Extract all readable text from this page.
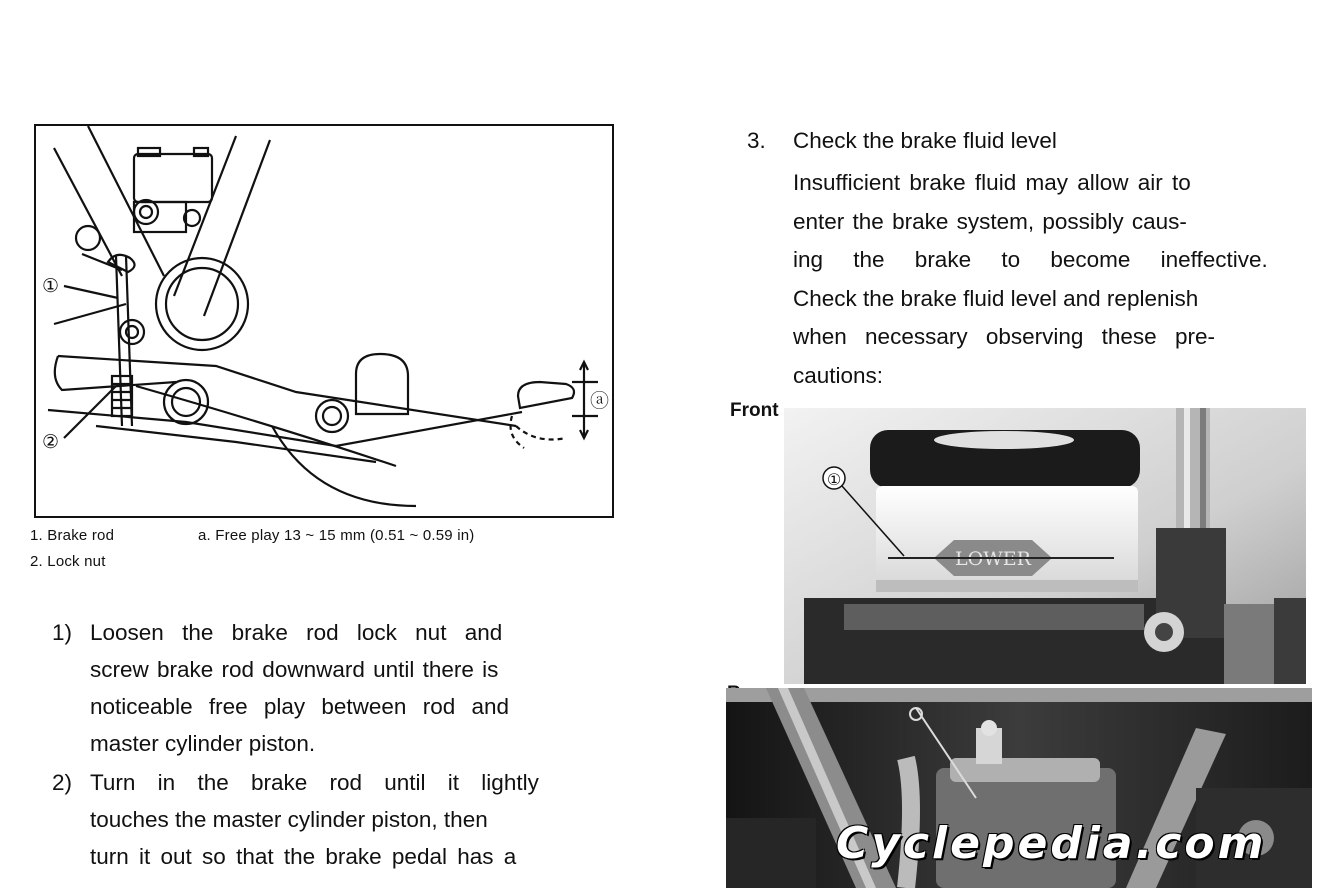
①
②
ⓐ
1. Brake rod
2. Lock nut
a. Free play 13 ~ 15 mm (0.51 ~ 0.59 in)
1) Loosen the brake rod lock nut and
screw brake rod downward until there is
noticeable free play between rod and
master cylinder piston.
2) Turn in the brake rod until it lightly
touches the master cylinder piston, then
turn it out so that the brake pedal has a
3. Check the brake fluid level
Insufficient brake fluid may allow air to
enter the brake system, possibly caus-
ing the brake to become ineffective.
Check the brake fluid level and replenish
when necessary observing these pre-
cautions:
Front
LOWER
①
Cyclepedia.com
